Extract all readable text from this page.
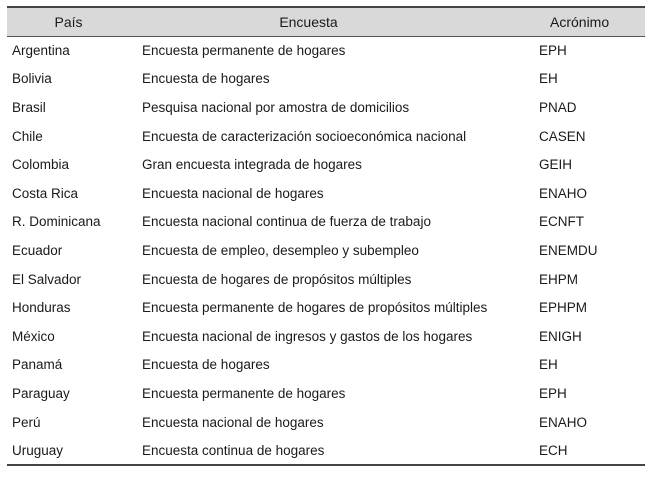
País	Encuesta	Acrónimo
Argentina	Encuesta permanente de hogares	EPH
Bolivia	Encuesta de hogares	EH
Brasil	Pesquisa nacional por amostra de domicilios	PNAD
Chile	Encuesta de caracterización socioeconómica nacional	CASEN
Colombia	Gran encuesta integrada de hogares	GEIH
Costa Rica	Encuesta nacional de hogares	ENAHO
R. Dominicana	Encuesta nacional continua de fuerza de trabajo	ECNFT
Ecuador	Encuesta de empleo, desempleo y subempleo	ENEMDU
El Salvador	Encuesta de hogares de propósitos múltiples	EHPM
Honduras	Encuesta permanente de hogares de propósitos múltiples	EPHPM
México	Encuesta nacional de ingresos y gastos de los hogares	ENIGH
Panamá	Encuesta de hogares	EH
Paraguay	Encuesta permanente de hogares	EPH
Perú	Encuesta nacional de hogares	ENAHO
Uruguay	Encuesta continua de hogares	ECH
